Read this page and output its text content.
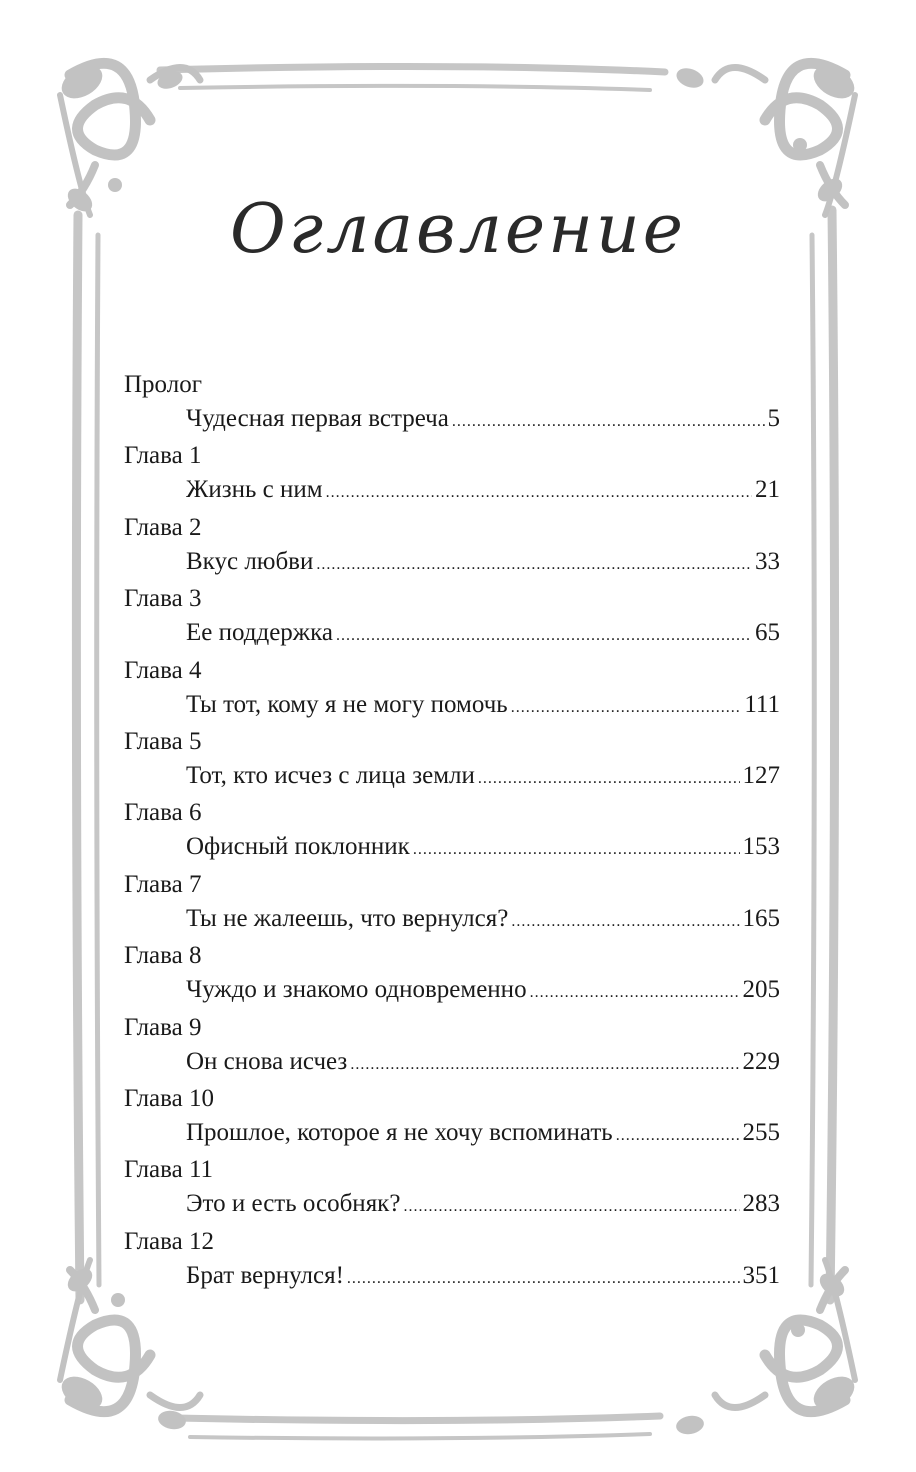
Оглавление
Пролог
Чудесная первая встреча .....	5
Глава 1
Жизнь с ним .....	21
Глава 2
Вкус любви .....	33
Глава 3
Ее поддержка .....	65
Глава 4
Ты тот, кому я не могу помочь .....	111
Глава 5
Тот, кто исчез с лица земли .....	127
Глава 6
Офисный поклонник .....	153
Глава 7
Ты не жалеешь, что вернулся? .....	165
Глава 8
Чуждо и знакомо одновременно .....	205
Глава 9
Он снова исчез .....	229
Глава 10
Прошлое, которое я не хочу вспоминать .....	255
Глава 11
Это и есть особняк? .....	283
Глава 12
Брат вернулся! .....	351
